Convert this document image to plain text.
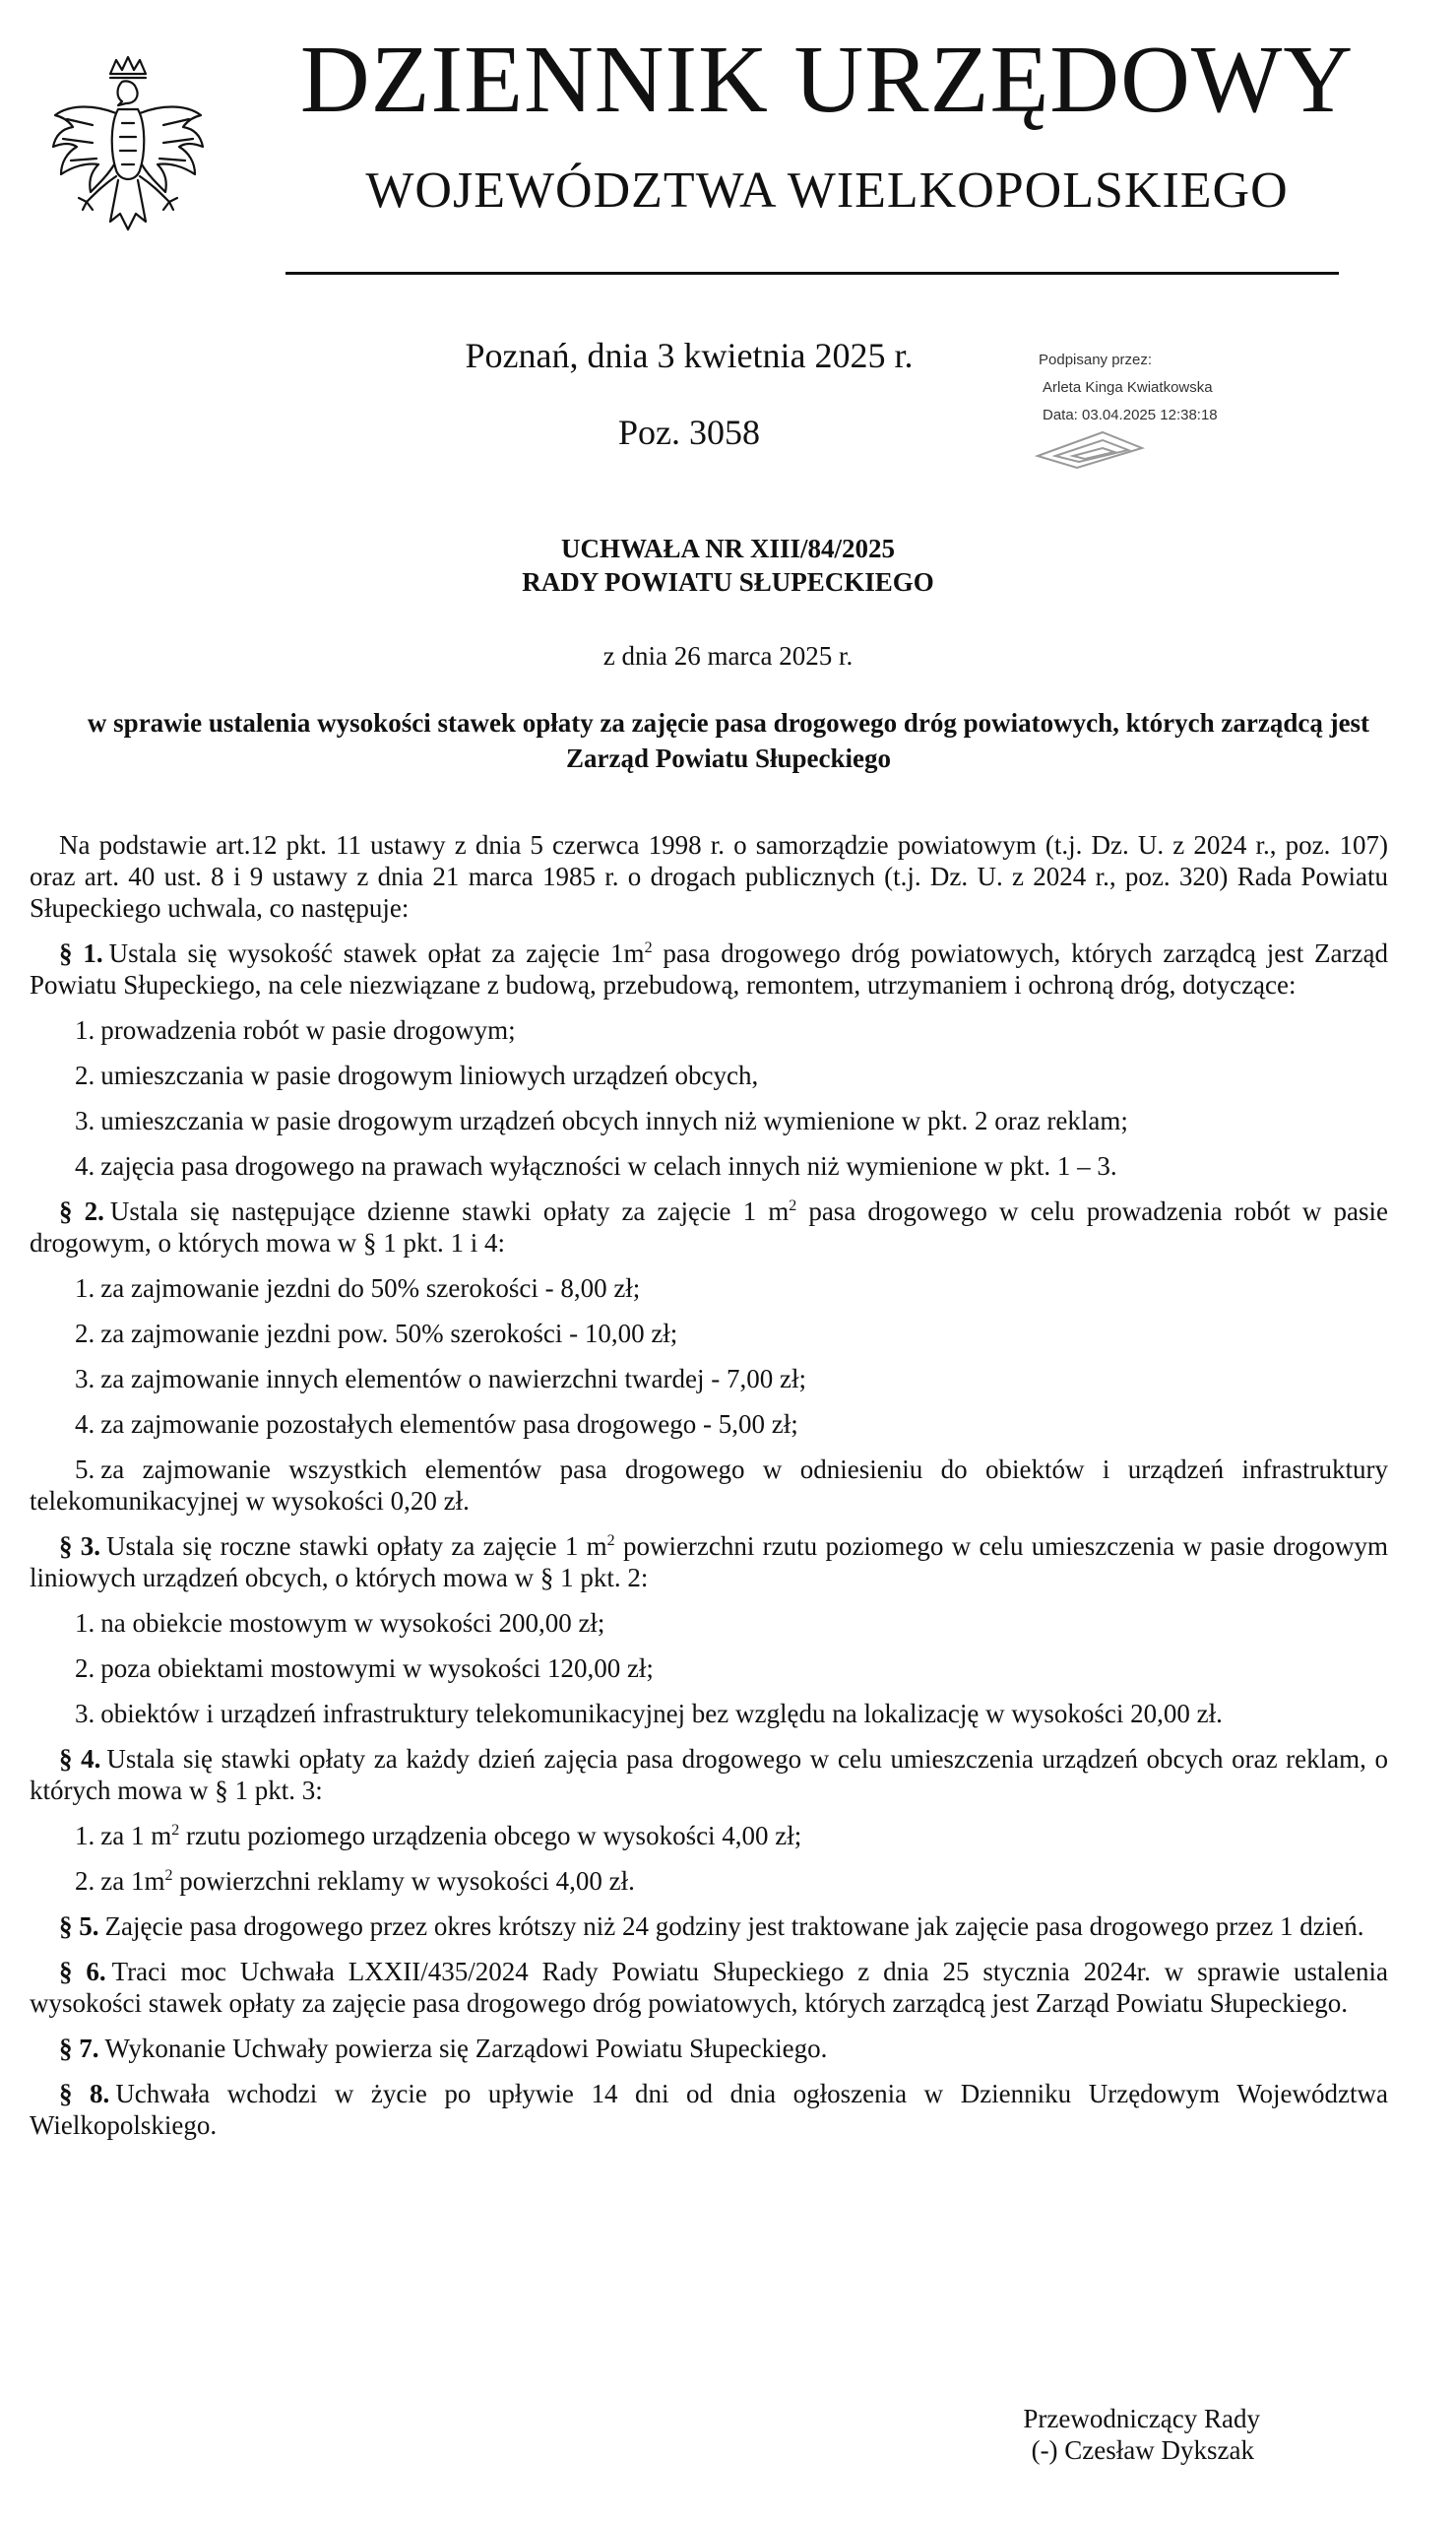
DZIENNIK URZĘDOWY
WOJEWÓDZTWA WIELKOPOLSKIEGO
Poznań, dnia 3 kwietnia 2025 r.
Poz. 3058
Podpisany przez:
Arleta Kinga Kwiatkowska
Data: 03.04.2025 12:38:18
UCHWAŁA NR XIII/84/2025
RADY POWIATU SŁUPECKIEGO
z dnia 26 marca 2025 r.
w sprawie ustalenia wysokości stawek opłaty za zajęcie pasa drogowego dróg powiatowych, których zarządcą jest Zarząd Powiatu Słupeckiego

Na podstawie art.12 pkt. 11 ustawy z dnia 5 czerwca 1998 r. o samorządzie powiatowym (t.j. Dz. U. z 2024 r., poz. 107) oraz art. 40 ust. 8 i 9 ustawy z dnia 21 marca 1985 r. o drogach publicznych (t.j. Dz. U. z 2024 r., poz. 320) Rada Powiatu Słupeckiego uchwala, co następuje:

§ 1. Ustala się wysokość stawek opłat za zajęcie $1m^2$ pasa drogowego dróg powiatowych, których zarządcą jest Zarząd Powiatu Słupeckiego, na cele niezwiązane z budową, przebudową, remontem, utrzymaniem i ochroną dróg, dotyczące:

1. prowadzenia robót w pasie drogowym;
2. umieszczania w pasie drogowym liniowych urządzeń obcych,
3. umieszczania w pasie drogowym urządzeń obcych innych niż wymienione w pkt. 2 oraz reklam;
4. zajęcia pasa drogowego na prawach wyłączności w celach innych niż wymienione w pkt. 1 – 3.

§ 2. Ustala się następujące dzienne stawki opłaty za zajęcie 1 $m^2$ pasa drogowego w celu prowadzenia robót w pasie drogowym, o których mowa w § 1 pkt. 1 i 4:

1. za zajmowanie jezdni do 50% szerokości - 8,00 zł;
2. za zajmowanie jezdni pow. 50% szerokości - 10,00 zł;
3. za zajmowanie innych elementów o nawierzchni twardej - 7,00 zł;
4. za zajmowanie pozostałych elementów pasa drogowego - 5,00 zł;
5. za zajmowanie wszystkich elementów pasa drogowego w odniesieniu do obiektów i urządzeń infrastruktury telekomunikacyjnej w wysokości 0,20 zł.

§ 3. Ustala się roczne stawki opłaty za zajęcie 1 $m^2$ powierzchni rzutu poziomego w celu umieszczenia w pasie drogowym liniowych urządzeń obcych, o których mowa w § 1 pkt. 2:

1. na obiekcie mostowym w wysokości 200,00 zł;
2. poza obiektami mostowymi w wysokości 120,00 zł;
3. obiektów i urządzeń infrastruktury telekomunikacyjnej bez względu na lokalizację w wysokości 20,00 zł.

§ 4. Ustala się stawki opłaty za każdy dzień zajęcia pasa drogowego w celu umieszczenia urządzeń obcych oraz reklam, o których mowa w § 1 pkt. 3:

1. za 1 $m^2$ rzutu poziomego urządzenia obcego w wysokości 4,00 zł;
2. za $1m^2$ powierzchni reklamy w wysokości 4,00 zł.

§ 5. Zajęcie pasa drogowego przez okres krótszy niż 24 godziny jest traktowane jak zajęcie pasa drogowego przez 1 dzień.

§ 6. Traci moc Uchwała LXXII/435/2024 Rady Powiatu Słupeckiego z dnia 25 stycznia 2024r. w sprawie ustalenia wysokości stawek opłaty za zajęcie pasa drogowego dróg powiatowych, których zarządcą jest Zarząd Powiatu Słupeckiego.

§ 7. Wykonanie Uchwały powierza się Zarządowi Powiatu Słupeckiego.

§ 8. Uchwała wchodzi w życie po upływie 14 dni od dnia ogłoszenia w Dzienniku Urzędowym Województwa Wielkopolskiego.

Przewodniczący Rady
(-) Czesław Dykszak
